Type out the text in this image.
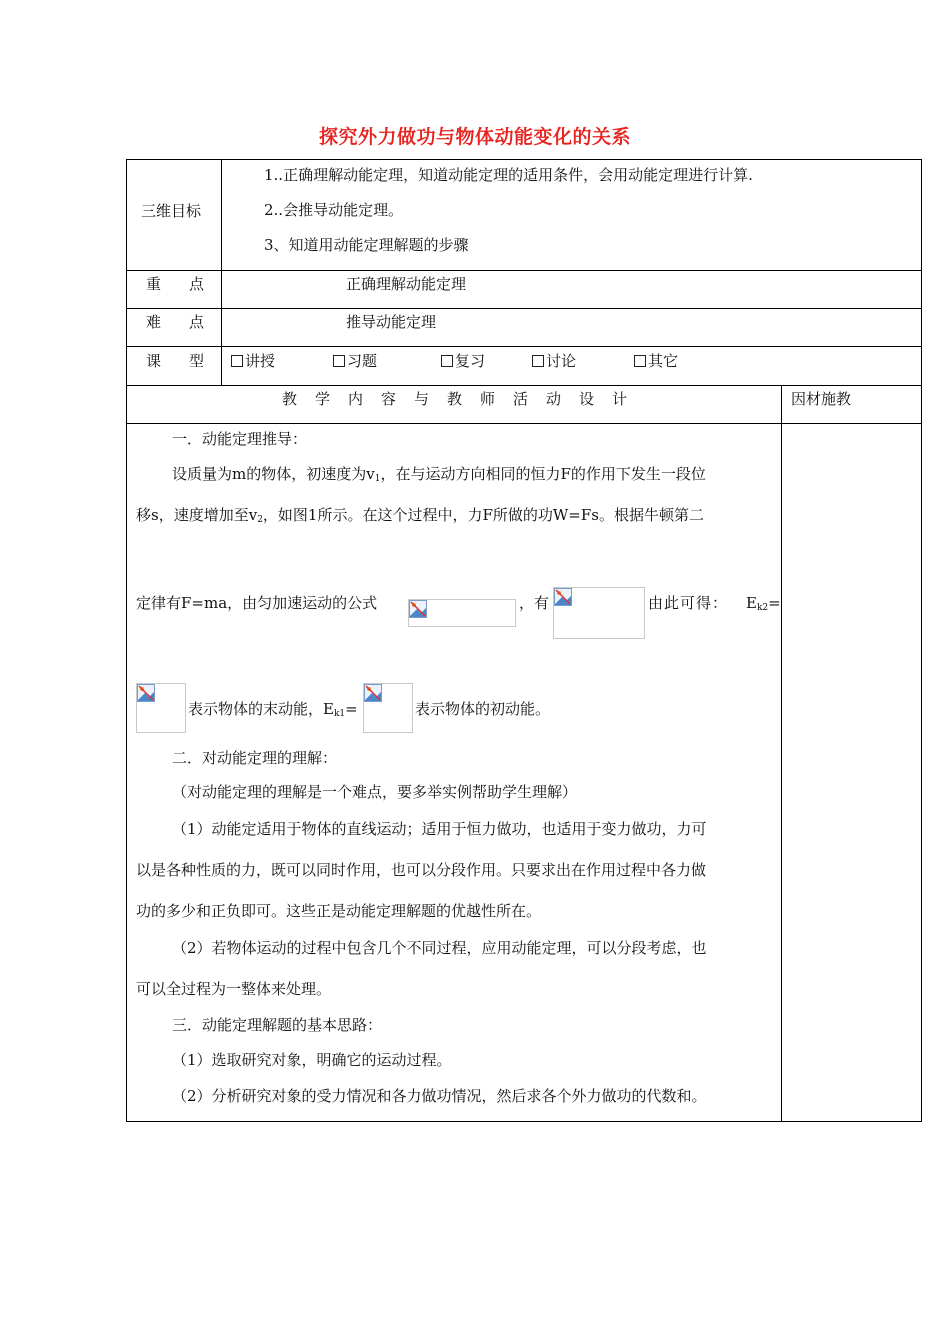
探究外力做功与物体动能变化的关系
三维目标
1..正确理解动能定理，知道动能定理的适用条件，会用动能定理进行计算.
2..会推导动能定理。
3、知道用动能定理解题的步骤
重 点	正确理解动能定理
难 点	推导动能定理
课 型	讲授	习题	复习	讨论	其它
教学内容与教师活动设计	因材施教
一．动能定理推导：
设质量为m的物体，初速度为$v_1$，在与运动方向相同的恒力F的作用下发生一段位
移s，速度增加至$v_2$，如图1所示。在这个过程中，力F所做的功W=Fs。根据牛顿第二
定律有F=ma，由匀加速运动的公式	，有	由此可得： $E_{k2}=$
表示物体的末动能，$E_{k1}=$	表示物体的初动能。
二．对动能定理的理解：
（对动能定理的理解是一个难点，要多举实例帮助学生理解）
（1）动能定适用于物体的直线运动；适用于恒力做功，也适用于变力做功，力可
以是各种性质的力，既可以同时作用，也可以分段作用。只要求出在作用过程中各力做
功的多少和正负即可。这些正是动能定理解题的优越性所在。
（2）若物体运动的过程中包含几个不同过程，应用动能定理，可以分段考虑，也
可以全过程为一整体来处理。
三．动能定理解题的基本思路：
（1）选取研究对象，明确它的运动过程。
（2）分析研究对象的受力情况和各力做功情况，然后求各个外力做功的代数和。
